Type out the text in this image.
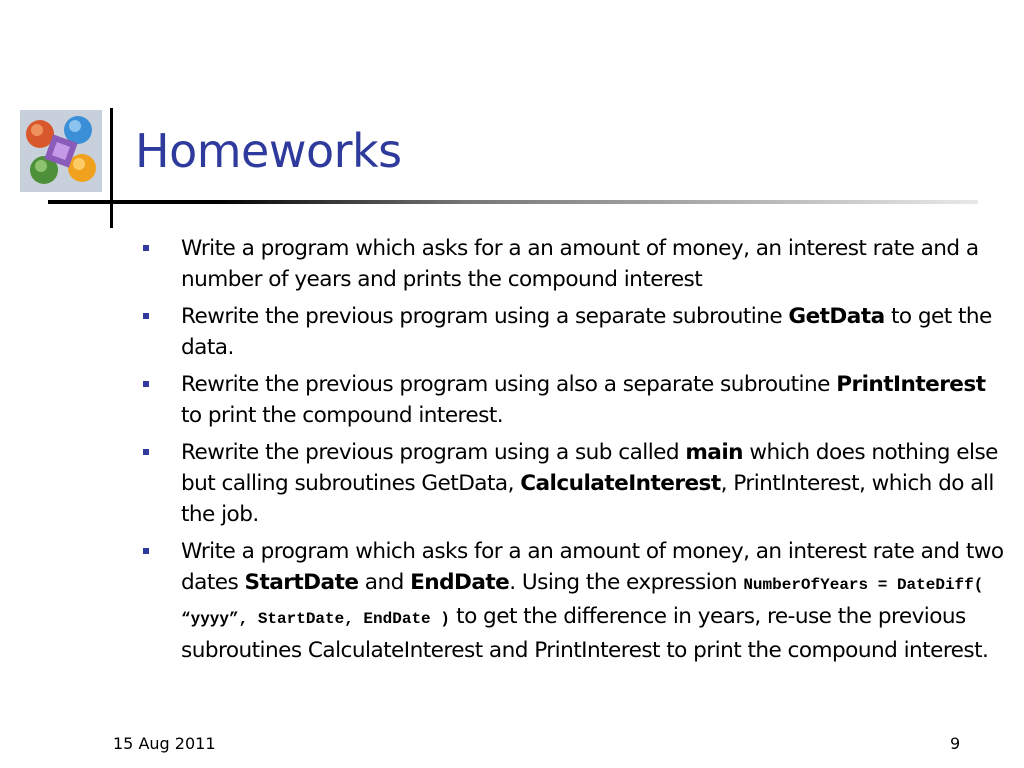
Homeworks
Write a program which asks for a an amount of money, an interest rate and a number of years and prints the compound interest
Rewrite the previous program using a separate subroutine GetData to get the data.
Rewrite the previous program using also a separate subroutine PrintInterest to print the compound interest.
Rewrite the previous program using a sub called main which does nothing else but calling subroutines GetData, CalculateInterest, PrintInterest, which do all the job.
Write a program which asks for a an amount of money, an interest rate and two dates StartDate and EndDate. Using the expression NumberOfYears = DateDiff( “yyyy”, StartDate, EndDate ) to get the difference in years, re-use the previous subroutines CalculateInterest and PrintInterest to print the compound interest.
15 Aug 2011	9
